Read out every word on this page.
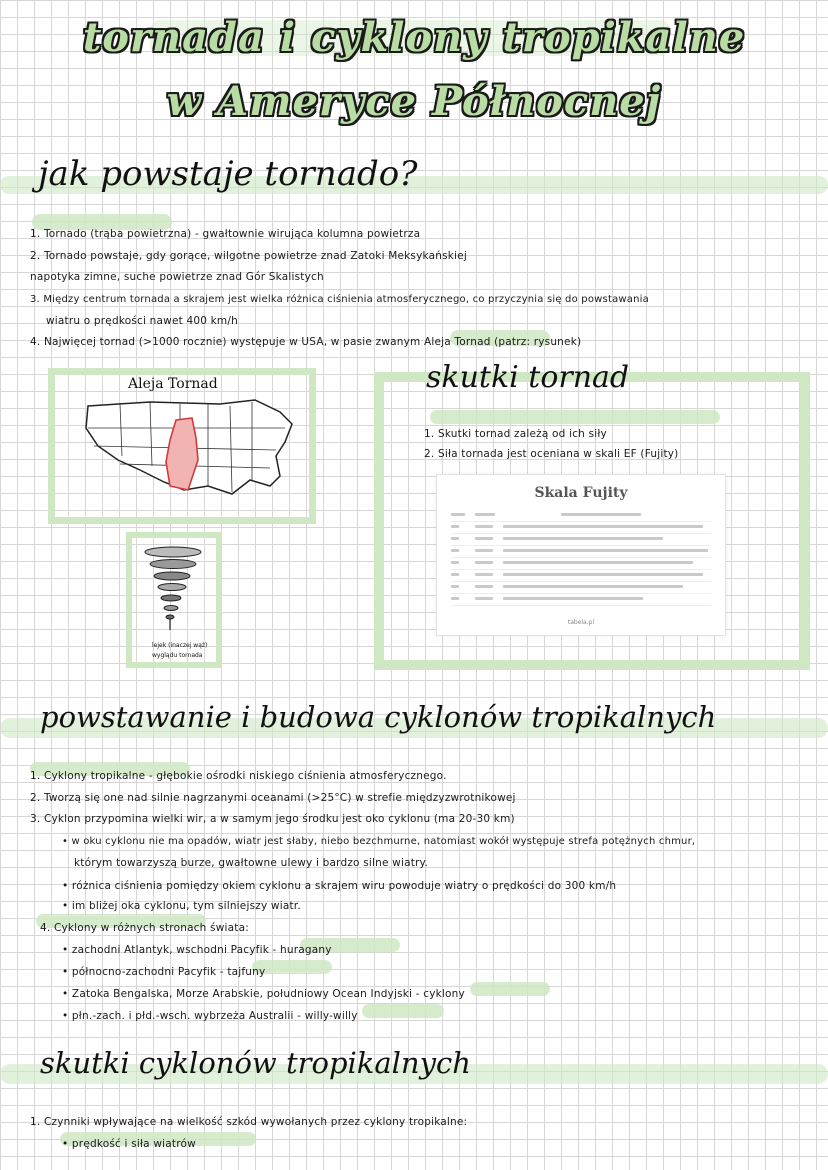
tornada i cyklony tropikalne
w Ameryce Północnej
jak powstaje tornado?
1. Tornado (trąba powietrzna) - gwałtownie wirująca kolumna powietrza
2. Tornado powstaje, gdy gorące, wilgotne powietrze znad Zatoki Meksykańskiej
napotyka zimne, suche powietrze znad Gór Skalistych
3. Między centrum tornada a skrajem jest wielka różnica ciśnienia atmosferycznego, co przyczynia się do powstawania
wiatru o prędkości nawet 400 km/h
4. Najwięcej tornad (>1000 rocznie) występuje w USA, w pasie zwanym Aleja Tornad (patrz: rysunek)
Aleja Tornad
lejek (inaczej wąż)
wyglądu tornada
skutki tornad
1. Skutki tornad zależą od ich siły
2. Siła tornada jest oceniana w skali EF (Fujity)
Skala Fujity
tabela.pl
powstawanie i budowa cyklonów tropikalnych
1. Cyklony tropikalne - głębokie ośrodki niskiego ciśnienia atmosferycznego.
2. Tworzą się one nad silnie nagrzanymi oceanami (>25°C) w strefie międzyzwrotnikowej
3. Cyklon przypomina wielki wir, a w samym jego środku jest oko cyklonu (ma 20-30 km)
• w oku cyklonu nie ma opadów, wiatr jest słaby, niebo bezchmurne, natomiast wokół występuje strefa potężnych chmur,
którym towarzyszą burze, gwałtowne ulewy i bardzo silne wiatry.
• różnica ciśnienia pomiędzy okiem cyklonu a skrajem wiru powoduje wiatry o prędkości do 300 km/h
• im bliżej oka cyklonu, tym silniejszy wiatr.
4. Cyklony w różnych stronach świata:
• zachodni Atlantyk, wschodni Pacyfik - huragany
• północno-zachodni Pacyfik - tajfuny
• Zatoka Bengalska, Morze Arabskie, południowy Ocean Indyjski - cyklony
• płn.-zach. i płd.-wsch. wybrzeża Australii - willy-willy
skutki cyklonów tropikalnych
1. Czynniki wpływające na wielkość szkód wywołanych przez cyklony tropikalne:
• prędkość i siła wiatrów
